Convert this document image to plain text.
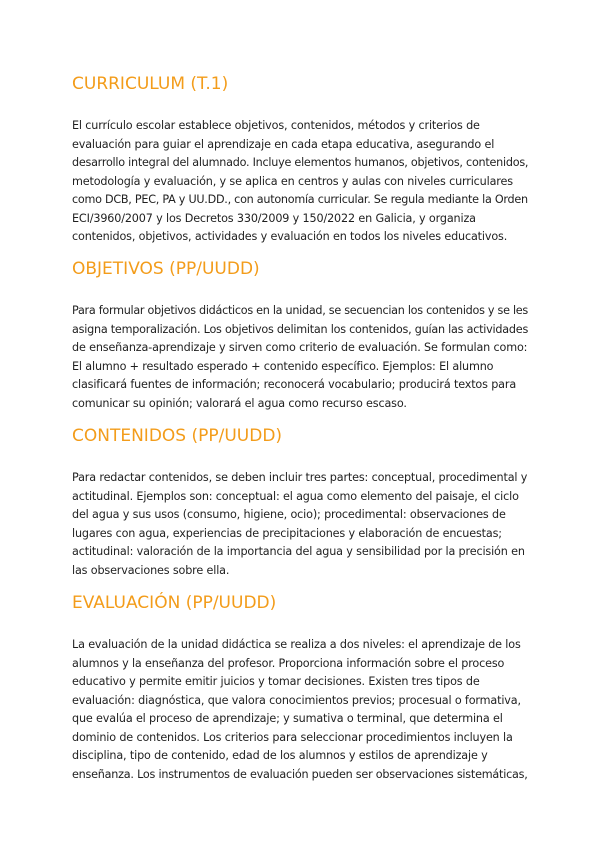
CURRICULUM (T.1)
El currículo escolar establece objetivos, contenidos, métodos y criterios de
evaluación para guiar el aprendizaje en cada etapa educativa, asegurando el
desarrollo integral del alumnado. Incluye elementos humanos, objetivos, contenidos,
metodología y evaluación, y se aplica en centros y aulas con niveles curriculares
como DCB, PEC, PA y UU.DD., con autonomía curricular. Se regula mediante la Orden
ECI/3960/2007 y los Decretos 330/2009 y 150/2022 en Galicia, y organiza
contenidos, objetivos, actividades y evaluación en todos los niveles educativos.
OBJETIVOS (PP/UUDD)
Para formular objetivos didácticos en la unidad, se secuencian los contenidos y se les
asigna temporalización. Los objetivos delimitan los contenidos, guían las actividades
de enseñanza-aprendizaje y sirven como criterio de evaluación. Se formulan como:
El alumno + resultado esperado + contenido específico. Ejemplos: El alumno
clasificará fuentes de información; reconocerá vocabulario; producirá textos para
comunicar su opinión; valorará el agua como recurso escaso.
CONTENIDOS (PP/UUDD)
Para redactar contenidos, se deben incluir tres partes: conceptual, procedimental y
actitudinal. Ejemplos son: conceptual: el agua como elemento del paisaje, el ciclo
del agua y sus usos (consumo, higiene, ocio); procedimental: observaciones de
lugares con agua, experiencias de precipitaciones y elaboración de encuestas;
actitudinal: valoración de la importancia del agua y sensibilidad por la precisión en
las observaciones sobre ella.
EVALUACIÓN (PP/UUDD)
La evaluación de la unidad didáctica se realiza a dos niveles: el aprendizaje de los
alumnos y la enseñanza del profesor. Proporciona información sobre el proceso
educativo y permite emitir juicios y tomar decisiones. Existen tres tipos de
evaluación: diagnóstica, que valora conocimientos previos; procesual o formativa,
que evalúa el proceso de aprendizaje; y sumativa o terminal, que determina el
dominio de contenidos. Los criterios para seleccionar procedimientos incluyen la
disciplina, tipo de contenido, edad de los alumnos y estilos de aprendizaje y
enseñanza. Los instrumentos de evaluación pueden ser observaciones sistemáticas,
